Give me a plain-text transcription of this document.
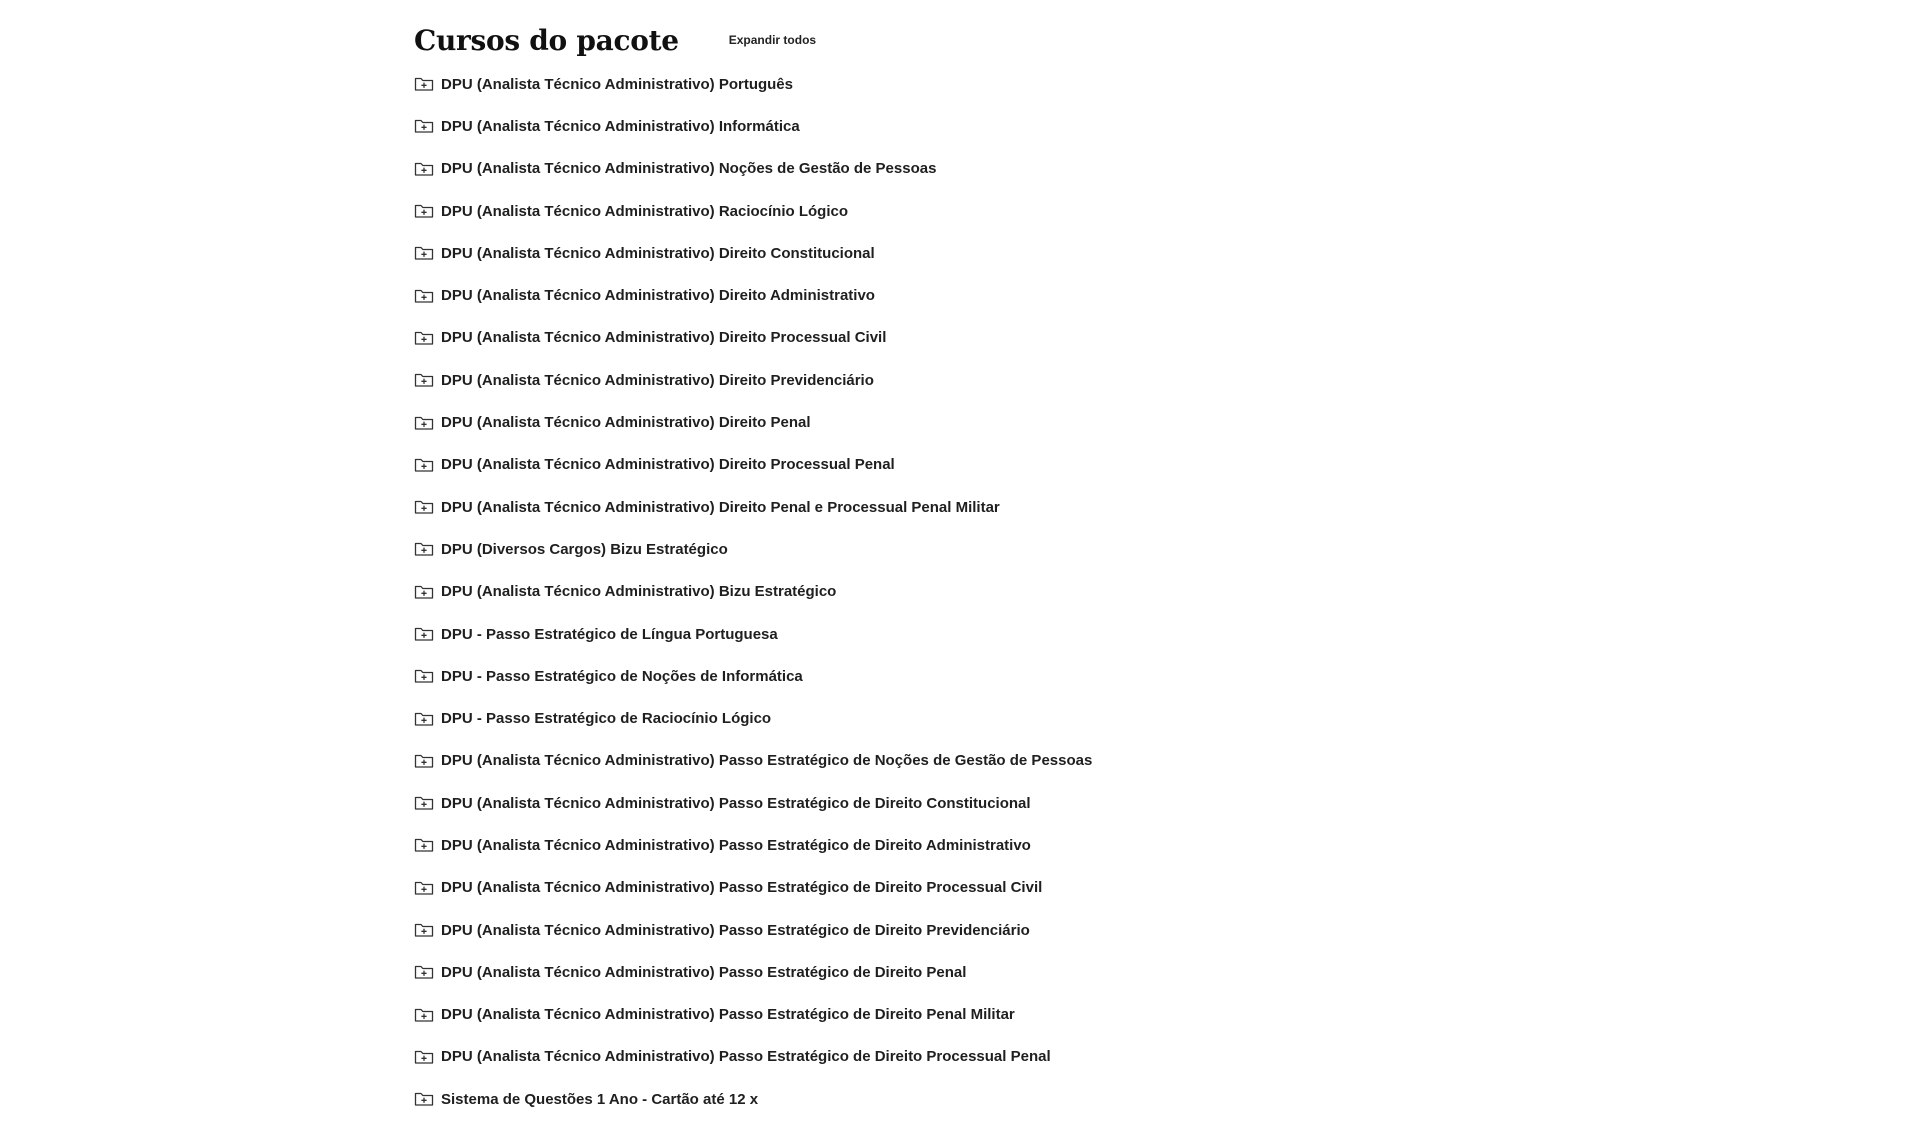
Cursos do pacote	Expandir todos
DPU (Analista Técnico Administrativo) Português
DPU (Analista Técnico Administrativo) Informática
DPU (Analista Técnico Administrativo) Noções de Gestão de Pessoas
DPU (Analista Técnico Administrativo) Raciocínio Lógico
DPU (Analista Técnico Administrativo) Direito Constitucional
DPU (Analista Técnico Administrativo) Direito Administrativo
DPU (Analista Técnico Administrativo) Direito Processual Civil
DPU (Analista Técnico Administrativo) Direito Previdenciário
DPU (Analista Técnico Administrativo) Direito Penal
DPU (Analista Técnico Administrativo) Direito Processual Penal
DPU (Analista Técnico Administrativo) Direito Penal e Processual Penal Militar
DPU (Diversos Cargos) Bizu Estratégico
DPU (Analista Técnico Administrativo) Bizu Estratégico
DPU - Passo Estratégico de Língua Portuguesa
DPU - Passo Estratégico de Noções de Informática
DPU - Passo Estratégico de Raciocínio Lógico
DPU (Analista Técnico Administrativo) Passo Estratégico de Noções de Gestão de Pessoas
DPU (Analista Técnico Administrativo) Passo Estratégico de Direito Constitucional
DPU (Analista Técnico Administrativo) Passo Estratégico de Direito Administrativo
DPU (Analista Técnico Administrativo) Passo Estratégico de Direito Processual Civil
DPU (Analista Técnico Administrativo) Passo Estratégico de Direito Previdenciário
DPU (Analista Técnico Administrativo) Passo Estratégico de Direito Penal
DPU (Analista Técnico Administrativo) Passo Estratégico de Direito Penal Militar
DPU (Analista Técnico Administrativo) Passo Estratégico de Direito Processual Penal
Sistema de Questões 1 Ano - Cartão até 12 x
